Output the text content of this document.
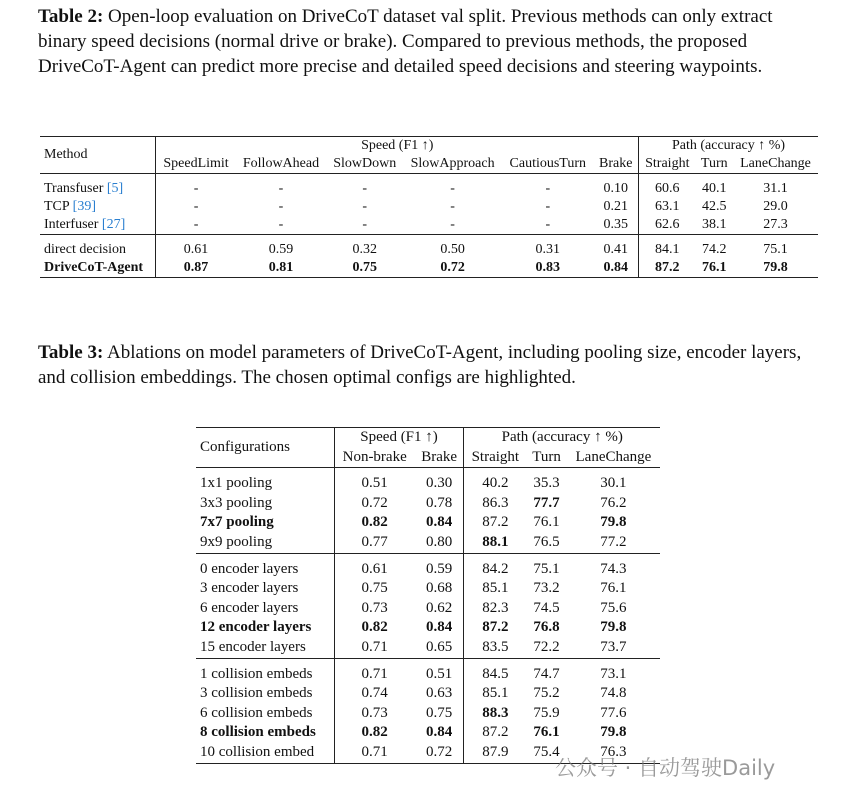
Table 2: Open-loop evaluation on DriveCoT dataset val split. Previous methods can only extract binary speed decisions (normal drive or brake). Compared to previous methods, the proposed DriveCoT-Agent can predict more precise and detailed speed decisions and steering waypoints.
Method	Speed (F1 ↑)						Path (accuracy ↑ %)		
	SpeedLimit	FollowAhead	SlowDown	SlowApproach	CautiousTurn	Brake	Straight	Turn	LaneChange
Transfuser [5]	-	-	-	-	-	0.10	60.6	40.1	31.1
TCP [39]	-	-	-	-	-	0.21	63.1	42.5	29.0
Interfuser [27]	-	-	-	-	-	0.35	62.6	38.1	27.3
direct decision	0.61	0.59	0.32	0.50	0.31	0.41	84.1	74.2	75.1
DriveCoT-Agent	0.87	0.81	0.75	0.72	0.83	0.84	87.2	76.1	79.8
Table 3: Ablations on model parameters of DriveCoT-Agent, including pooling size, encoder layers, and collision embeddings. The chosen optimal configs are highlighted.
Configurations	Speed (F1 ↑)		Path (accuracy ↑ %)		
	Non-brake	Brake	Straight	Turn	LaneChange
1x1 pooling	0.51	0.30	40.2	35.3	30.1
3x3 pooling	0.72	0.78	86.3	77.7	76.2
7x7 pooling	0.82	0.84	87.2	76.1	79.8
9x9 pooling	0.77	0.80	88.1	76.5	77.2
0 encoder layers	0.61	0.59	84.2	75.1	74.3
3 encoder layers	0.75	0.68	85.1	73.2	76.1
6 encoder layers	0.73	0.62	82.3	74.5	75.6
12 encoder layers	0.82	0.84	87.2	76.8	79.8
15 encoder layers	0.71	0.65	83.5	72.2	73.7
1 collision embeds	0.71	0.51	84.5	74.7	73.1
3 collision embeds	0.74	0.63	85.1	75.2	74.8
6 collision embeds	0.73	0.75	88.3	75.9	77.6
8 collision embeds	0.82	0.84	87.2	76.1	79.8
10 collision embed	0.71	0.72	87.9	75.4	76.3
公众号 · 自动驾驶Daily
